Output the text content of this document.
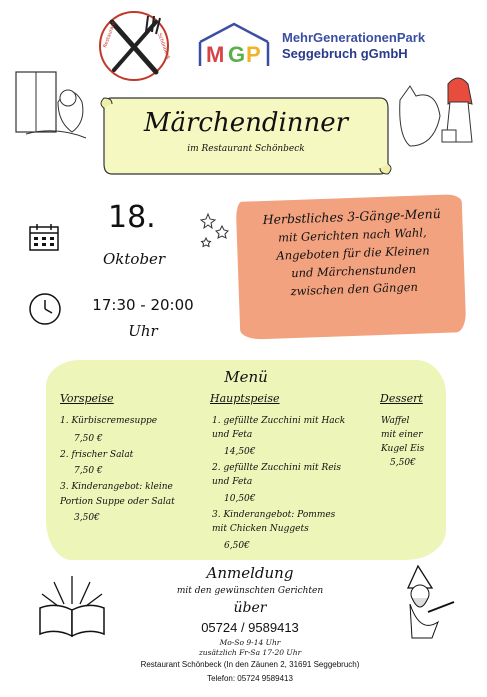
Restaurant	Schönbeck M G P
MehrGenerationenPark
Seggebruch gGmbH
Märchendinner
im Restaurant Schönbeck
18.
Oktober
17:30 - 20:00
Uhr
Herbstliches 3-Gänge-Menü
mit Gerichten nach Wahl,
Angeboten für die Kleinen
und Märchenstunden
zwischen den Gängen
Menü
Vorspeise
1. Kürbiscremesuppe
7,50 €
2. frischer Salat
7,50 €
3. Kinderangebot: kleine
Portion Suppe oder Salat
3,50€
Hauptspeise
1. gefüllte Zucchini mit Hack
und Feta
14,50€
2. gefüllte Zucchini mit Reis
und Feta
10,50€
3. Kinderangebot: Pommes
mit Chicken Nuggets
6,50€
Dessert
Waffel
mit einer
Kugel Eis
5,50€
Anmeldung
mit den gewünschten Gerichten
über
05724 / 9589413
Mo-So 9-14 Uhr
zusätzlich Fr-Sa 17-20 Uhr
Restaurant Schönbeck (In den Zäunen 2, 31691 Seggebruch)
Telefon: 05724 9589413
